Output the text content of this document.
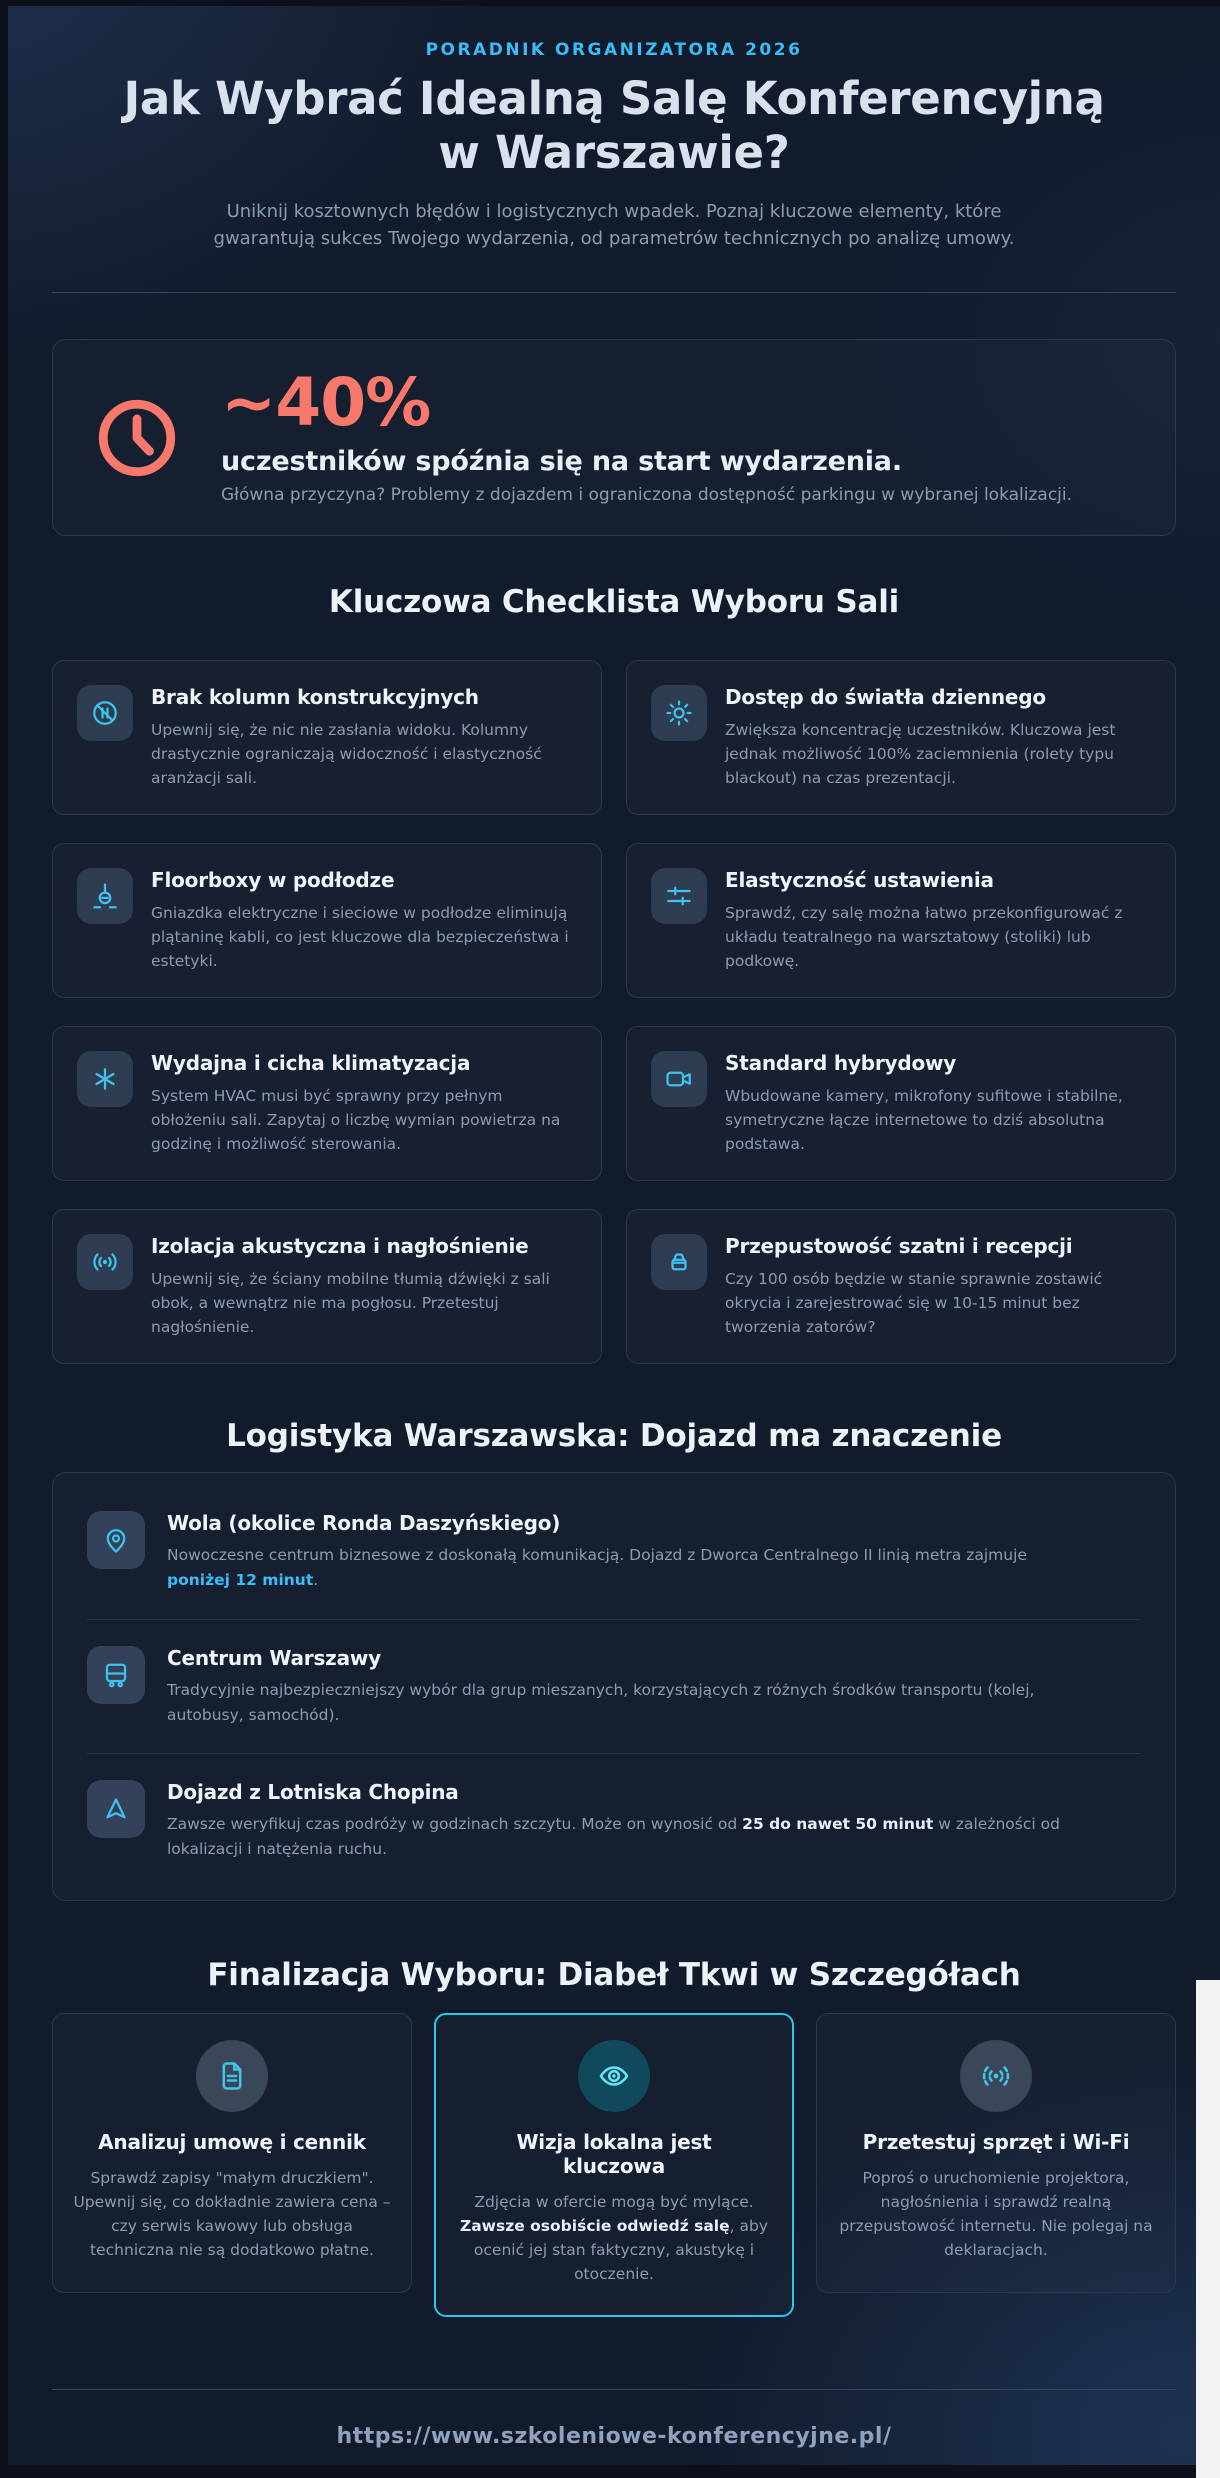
PORADNIK ORGANIZATORA 2026
Jak Wybrać Idealną Salę Konferencyjną
w Warszawie?
Uniknij kosztownych błędów i logistycznych wpadek. Poznaj kluczowe elementy, które gwarantują sukces Twojego wydarzenia, od parametrów technicznych po analizę umowy.
~40%
uczestników spóźnia się na start wydarzenia.
Główna przyczyna? Problemy z dojazdem i ograniczona dostępność parkingu w wybranej lokalizacji.
Kluczowa Checklista Wyboru Sali
Brak kolumn konstrukcyjnych
Upewnij się, że nic nie zasłania widoku. Kolumny drastycznie ograniczają widoczność i elastyczność aranżacji sali.
Dostęp do światła dziennego
Zwiększa koncentrację uczestników. Kluczowa jest jednak możliwość 100% zaciemnienia (rolety typu blackout) na czas prezentacji.
Floorboxy w podłodze
Gniazdka elektryczne i sieciowe w podłodze eliminują plątaninę kabli, co jest kluczowe dla bezpieczeństwa i estetyki.
Elastyczność ustawienia
Sprawdź, czy salę można łatwo przekonfigurować z układu teatralnego na warsztatowy (stoliki) lub podkowę.
Wydajna i cicha klimatyzacja
System HVAC musi być sprawny przy pełnym obłożeniu sali. Zapytaj o liczbę wymian powietrza na godzinę i możliwość sterowania.
Standard hybrydowy
Wbudowane kamery, mikrofony sufitowe i stabilne, symetryczne łącze internetowe to dziś absolutna podstawa.
Izolacja akustyczna i nagłośnienie
Upewnij się, że ściany mobilne tłumią dźwięki z sali obok, a wewnątrz nie ma pogłosu. Przetestuj nagłośnienie.
Przepustowość szatni i recepcji
Czy 100 osób będzie w stanie sprawnie zostawić okrycia i zarejestrować się w 10-15 minut bez tworzenia zatorów?
Logistyka Warszawska: Dojazd ma znaczenie
Wola (okolice Ronda Daszyńskiego)
Nowoczesne centrum biznesowe z doskonałą komunikacją. Dojazd z Dworca Centralnego II linią metra zajmuje poniżej 12 minut.
Centrum Warszawy
Tradycyjnie najbezpieczniejszy wybór dla grup mieszanych, korzystających z różnych środków transportu (kolej, autobusy, samochód).
Dojazd z Lotniska Chopina
Zawsze weryfikuj czas podróży w godzinach szczytu. Może on wynosić od 25 do nawet 50 minut w zależności od lokalizacji i natężenia ruchu.
Finalizacja Wyboru: Diabeł Tkwi w Szczegółach
Analizuj umowę i cennik
Sprawdź zapisy "małym druczkiem". Upewnij się, co dokładnie zawiera cena – czy serwis kawowy lub obsługa techniczna nie są dodatkowo płatne.
Wizja lokalna jest kluczowa
Zdjęcia w ofercie mogą być mylące. Zawsze osobiście odwiedź salę, aby ocenić jej stan faktyczny, akustykę i otoczenie.
Przetestuj sprzęt i Wi-Fi
Poproś o uruchomienie projektora, nagłośnienia i sprawdź realną przepustowość internetu. Nie polegaj na deklaracjach.
https://www.szkoleniowe-konferencyjne.pl/
